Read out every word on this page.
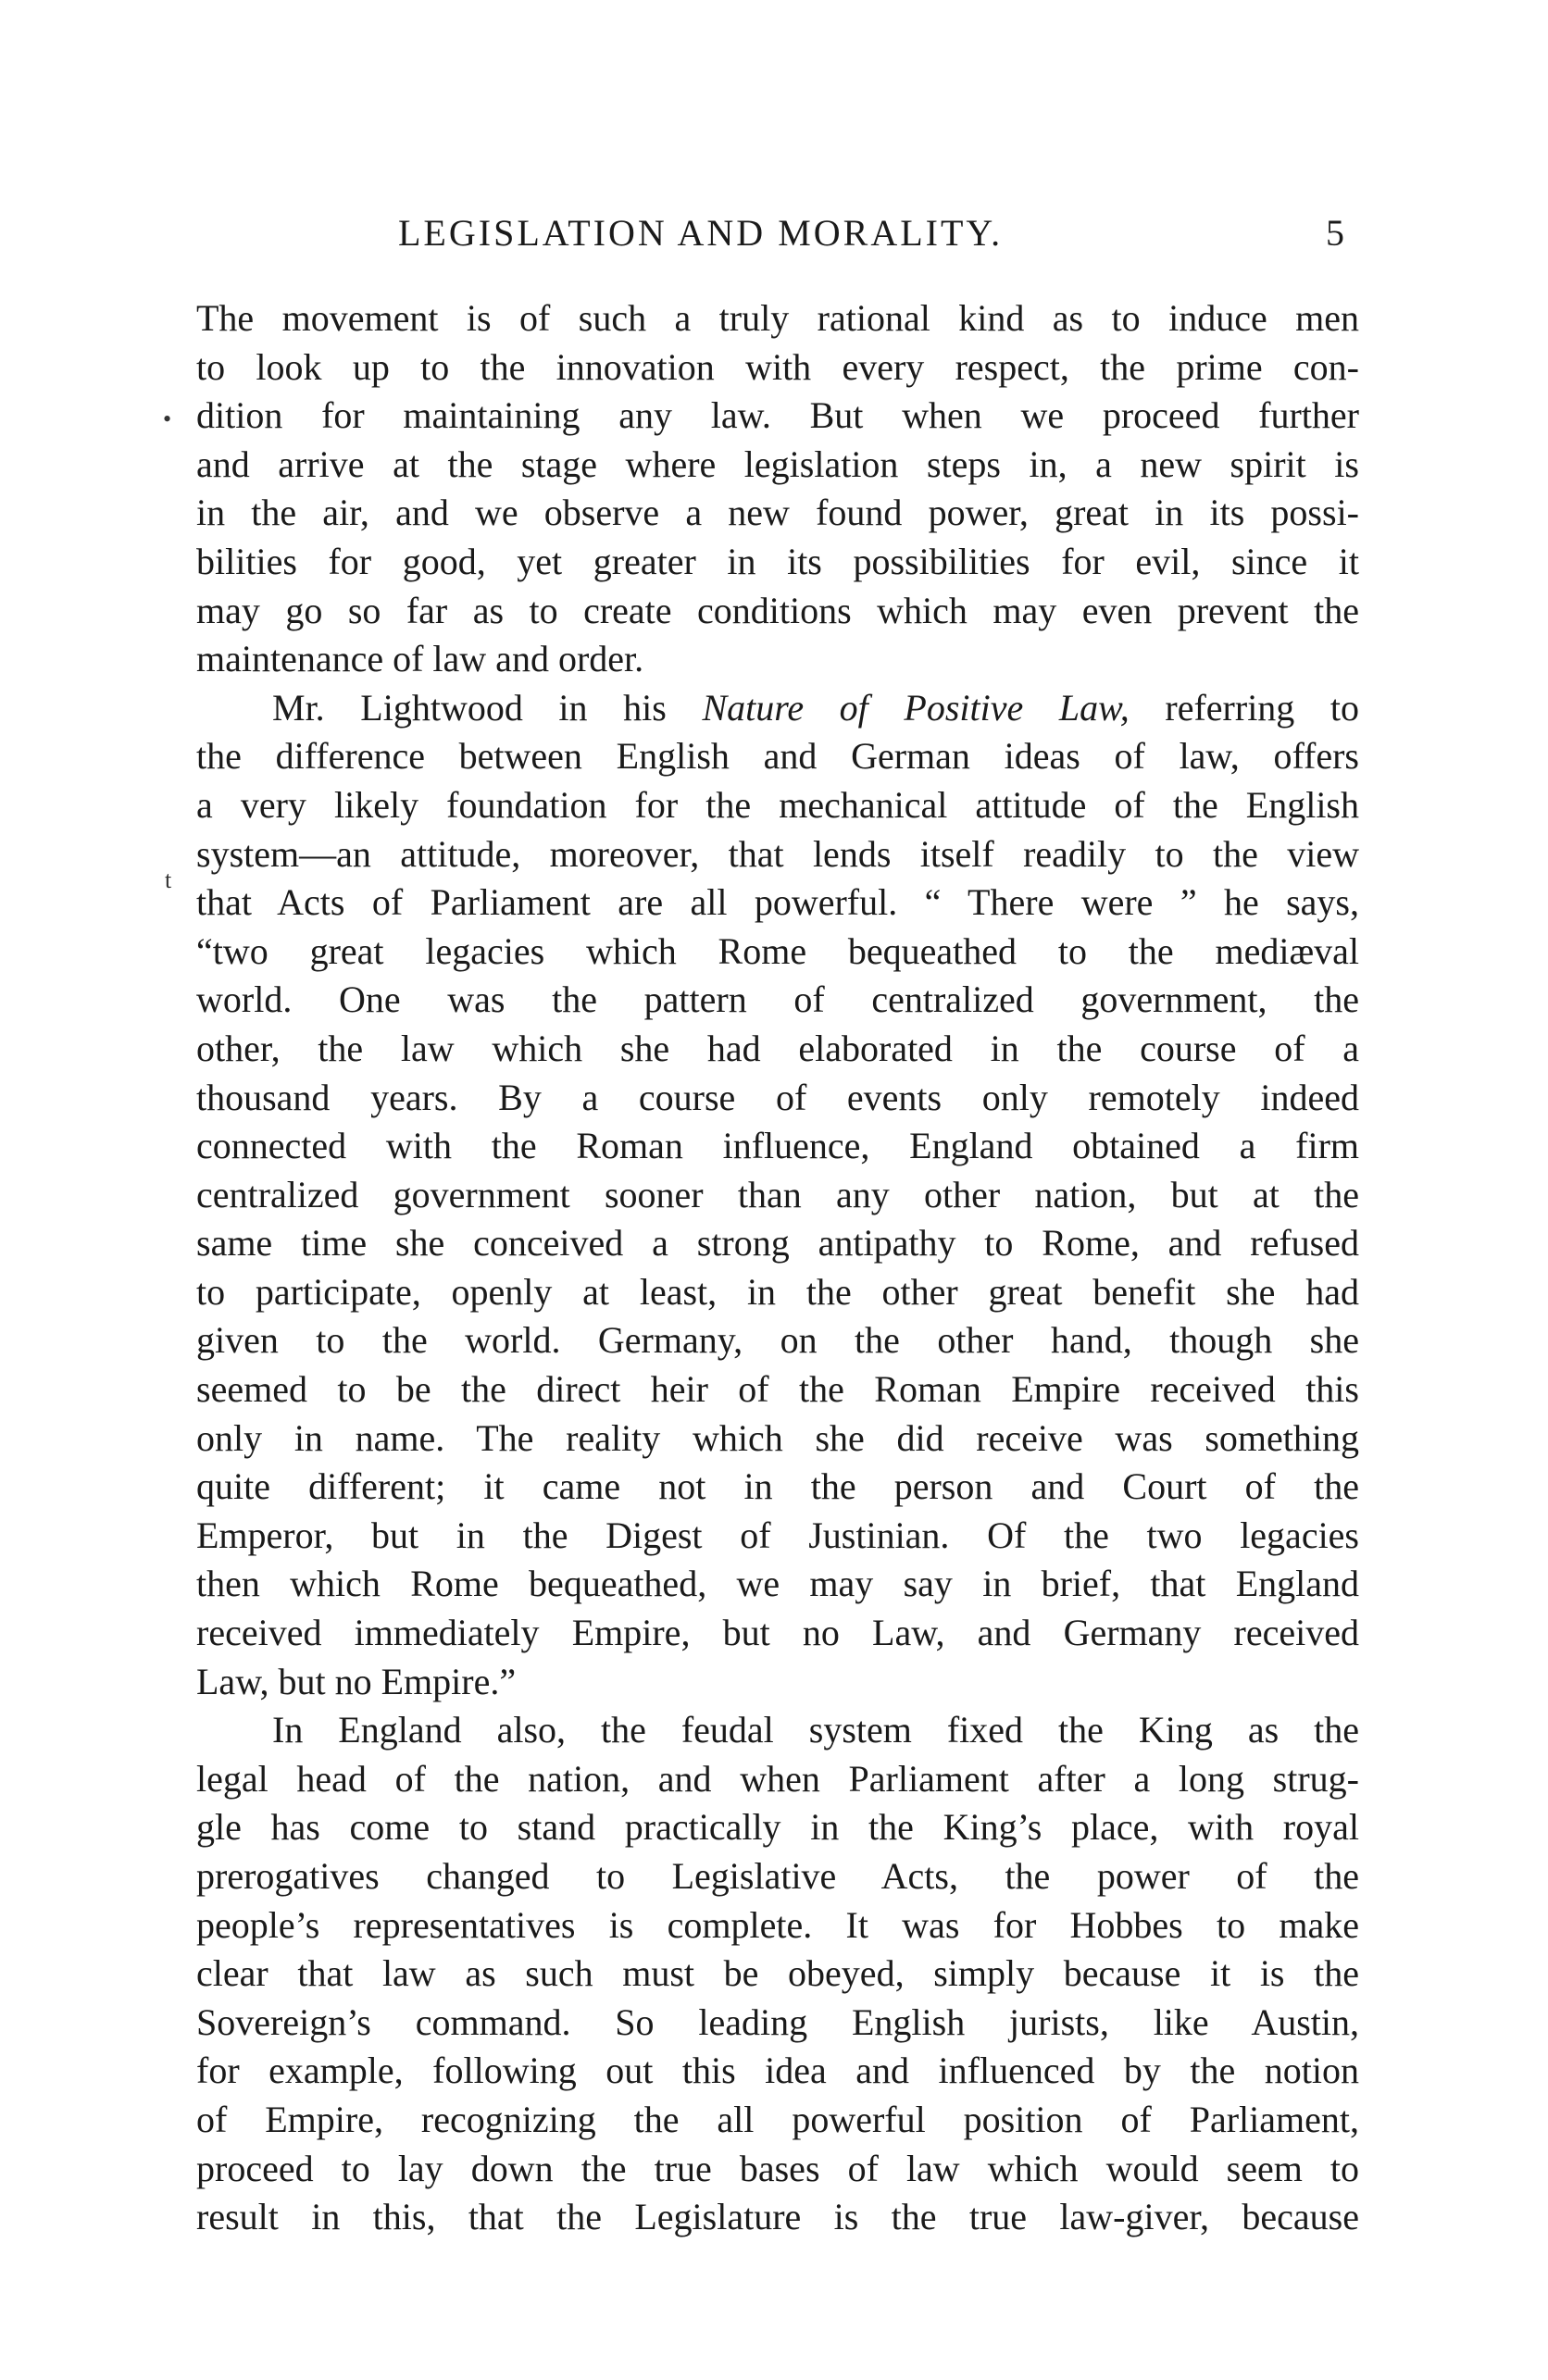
LEGISLATION AND MORALITY.	5
•
t
The movement is of such a truly rational kind as to induce men
to look up to the innovation with every respect, the prime con-
dition for maintaining any law. But when we proceed further
and arrive at the stage where legislation steps in, a new spirit is
in the air, and we observe a new found power, great in its possi-
bilities for good, yet greater in its possibilities for evil, since it
may go so far as to create conditions which may even prevent the
maintenance of law and order.
Mr. Lightwood in his Nature of Positive Law, referring to
the difference between English and German ideas of law, offers
a very likely foundation for the mechanical attitude of the English
system—an attitude, moreover, that lends itself readily to the view
that Acts of Parliament are all powerful. “ There were ” he says,
“two great legacies which Rome bequeathed to the mediæval
world. One was the pattern of centralized government, the
other, the law which she had elaborated in the course of a
thousand years. By a course of events only remotely indeed
connected with the Roman influence, England obtained a firm
centralized government sooner than any other nation, but at the
same time she conceived a strong antipathy to Rome, and refused
to participate, openly at least, in the other great benefit she had
given to the world. Germany, on the other hand, though she
seemed to be the direct heir of the Roman Empire received this
only in name. The reality which she did receive was something
quite different; it came not in the person and Court of the
Emperor, but in the Digest of Justinian. Of the two legacies
then which Rome bequeathed, we may say in brief, that England
received immediately Empire, but no Law, and Germany received
Law, but no Empire.”
In England also, the feudal system fixed the King as the
legal head of the nation, and when Parliament after a long strug-
gle has come to stand practically in the King’s place, with royal
prerogatives changed to Legislative Acts, the power of the
people’s representatives is complete. It was for Hobbes to make
clear that law as such must be obeyed, simply because it is the
Sovereign’s command. So leading English jurists, like Austin,
for example, following out this idea and influenced by the notion
of Empire, recognizing the all powerful position of Parliament,
proceed to lay down the true bases of law which would seem to
result in this, that the Legislature is the true law-giver, because
